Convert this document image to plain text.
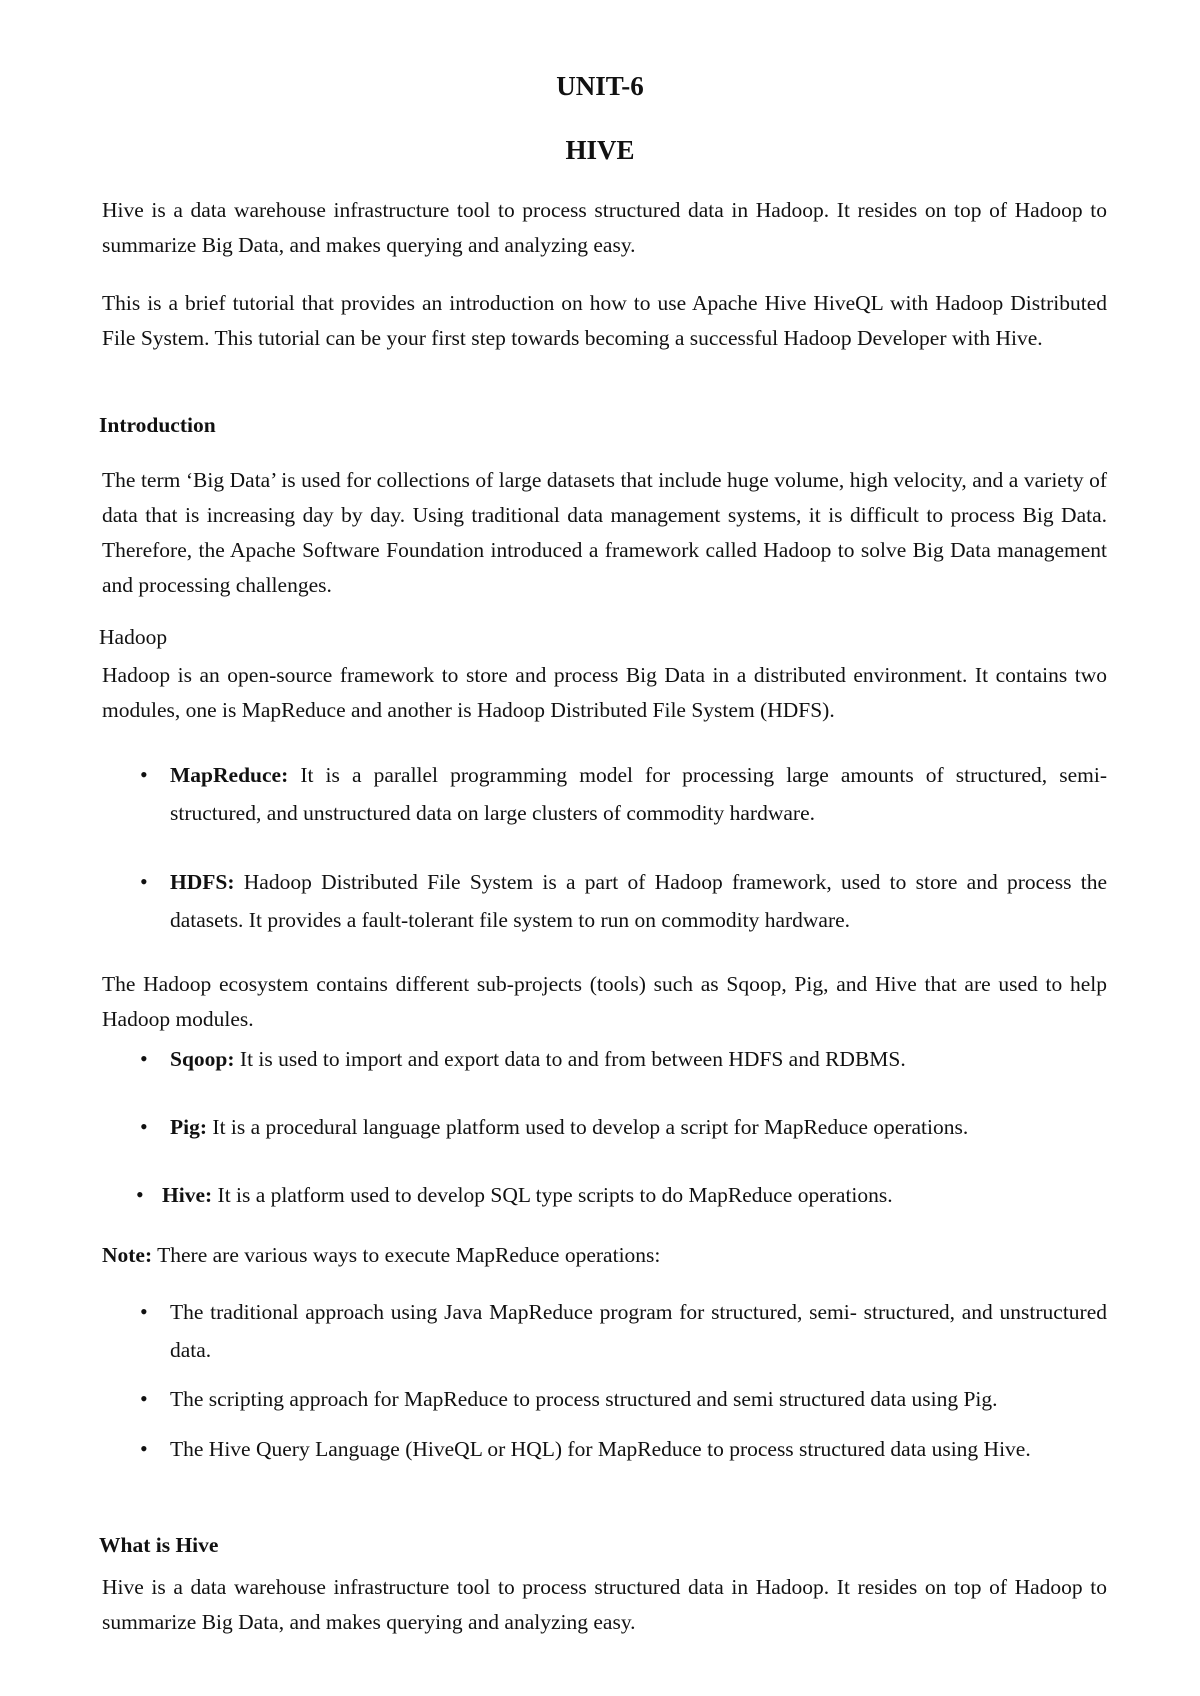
UNIT-6
HIVE

Hive is a data warehouse infrastructure tool to process structured data in Hadoop. It resides on top of Hadoop to summarize Big Data, and makes querying and analyzing easy.

This is a brief tutorial that provides an introduction on how to use Apache Hive HiveQL with Hadoop Distributed File System. This tutorial can be your first step towards becoming a successful Hadoop Developer with Hive.

Introduction

The term ‘Big Data’ is used for collections of large datasets that include huge volume, high velocity, and a variety of data that is increasing day by day. Using traditional data management systems, it is difficult to process Big Data. Therefore, the Apache Software Foundation introduced a framework called Hadoop to solve Big Data management and processing challenges.

Hadoop

Hadoop is an open-source framework to store and process Big Data in a distributed environment. It contains two modules, one is MapReduce and another is Hadoop Distributed File System (HDFS).

•	MapReduce: It is a parallel programming model for processing large amounts of structured, semi-structured, and unstructured data on large clusters of commodity hardware.
•	HDFS: Hadoop Distributed File System is a part of Hadoop framework, used to store and process the datasets. It provides a fault-tolerant file system to run on commodity hardware.

The Hadoop ecosystem contains different sub-projects (tools) such as Sqoop, Pig, and Hive that are used to help Hadoop modules.

•	Sqoop: It is used to import and export data to and from between HDFS and RDBMS.
•	Pig: It is a procedural language platform used to develop a script for MapReduce operations.
• Hive: It is a platform used to develop SQL type scripts to do MapReduce operations.

Note: There are various ways to execute MapReduce operations:

•	The traditional approach using Java MapReduce program for structured, semi- structured, and unstructured data.
•	The scripting approach for MapReduce to process structured and semi structured data using Pig.
•	The Hive Query Language (HiveQL or HQL) for MapReduce to process structured data using Hive.
What is Hive

Hive is a data warehouse infrastructure tool to process structured data in Hadoop. It resides on top of Hadoop to summarize Big Data, and makes querying and analyzing easy.
